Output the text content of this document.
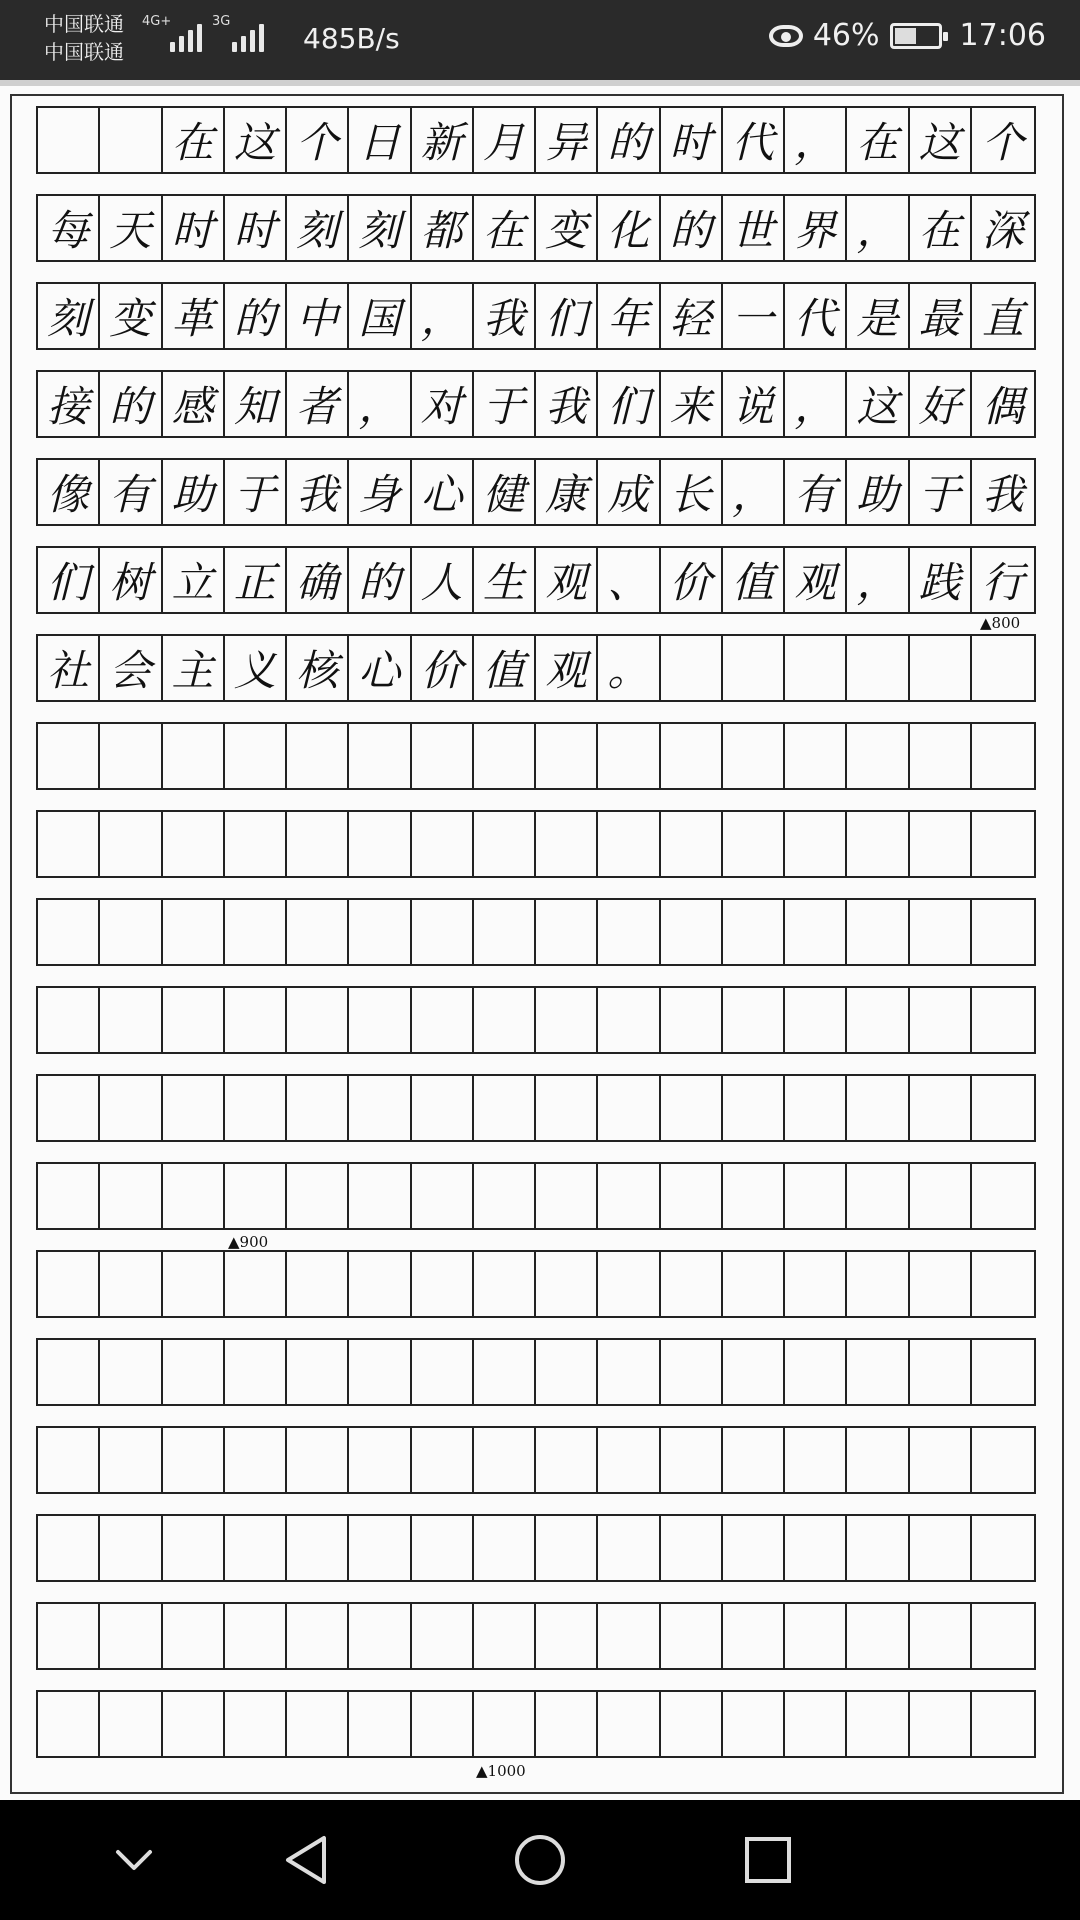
中国联通
中国联通
4G+	3G
485B/s	46%	17:06
在 这 个 日 新 月 异 的 时 代 ， 在 这 个
每 天 时 时 刻 刻 都 在 变 化 的 世 界 ， 在 深
刻 变 革 的 中 国 ， 我 们 年 轻 一 代 是 最 直
接 的 感 知 者 ， 对 于 我 们 来 说 ， 这 好 偶
像 有 助 于 我 身 心 健 康 成 长 ， 有 助 于 我
们 树 立 正 确 的 人 生 观 、 价 值 观 ， 践 行
社 会 主 义 核 心 价 值 观 。
▲800
▲900
▲1000
